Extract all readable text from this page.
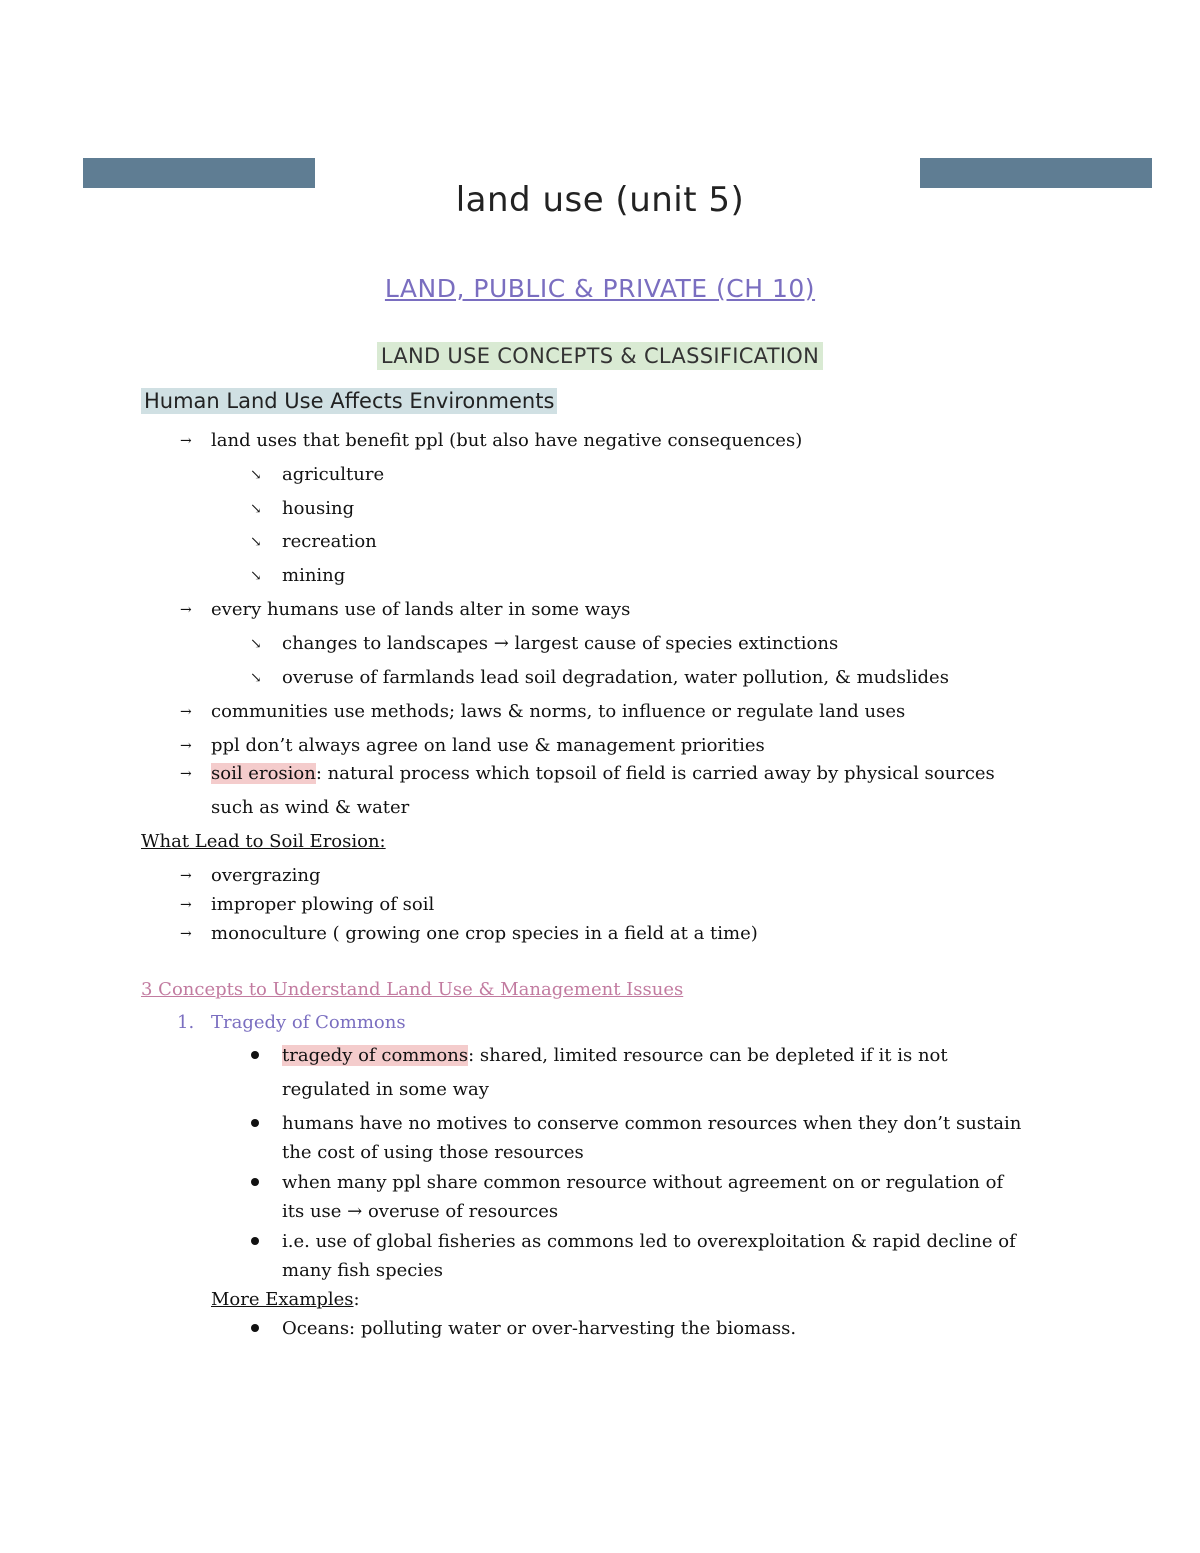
land use (unit 5)
LAND, PUBLIC & PRIVATE (CH 10)
LAND USE CONCEPTS & CLASSIFICATION
Human Land Use Affects Environments
→ land uses that benefit ppl (but also have negative consequences)
↘ agriculture
↘ housing
↘ recreation
↘ mining
→ every humans use of lands alter in some ways
↘ changes to landscapes → largest cause of species extinctions
↘ overuse of farmlands lead soil degradation, water pollution, & mudslides
→ communities use methods; laws & norms, to influence or regulate land uses
→ ppl don’t always agree on land use & management priorities
→ soil erosion: natural process which topsoil of field is carried away by physical sources
such as wind & water
What Lead to Soil Erosion:
→ overgrazing
→ improper plowing of soil
→ monoculture ( growing one crop species in a field at a time)
3 Concepts to Understand Land Use & Management Issues
1. Tragedy of Commons
tragedy of commons: shared, limited resource can be depleted if it is not
regulated in some way
humans have no motives to conserve common resources when they don’t sustain
the cost of using those resources
when many ppl share common resource without agreement on or regulation of
its use → overuse of resources
i.e. use of global fisheries as commons led to overexploitation & rapid decline of
many fish species
More Examples:
Oceans: polluting water or over-harvesting the biomass.
